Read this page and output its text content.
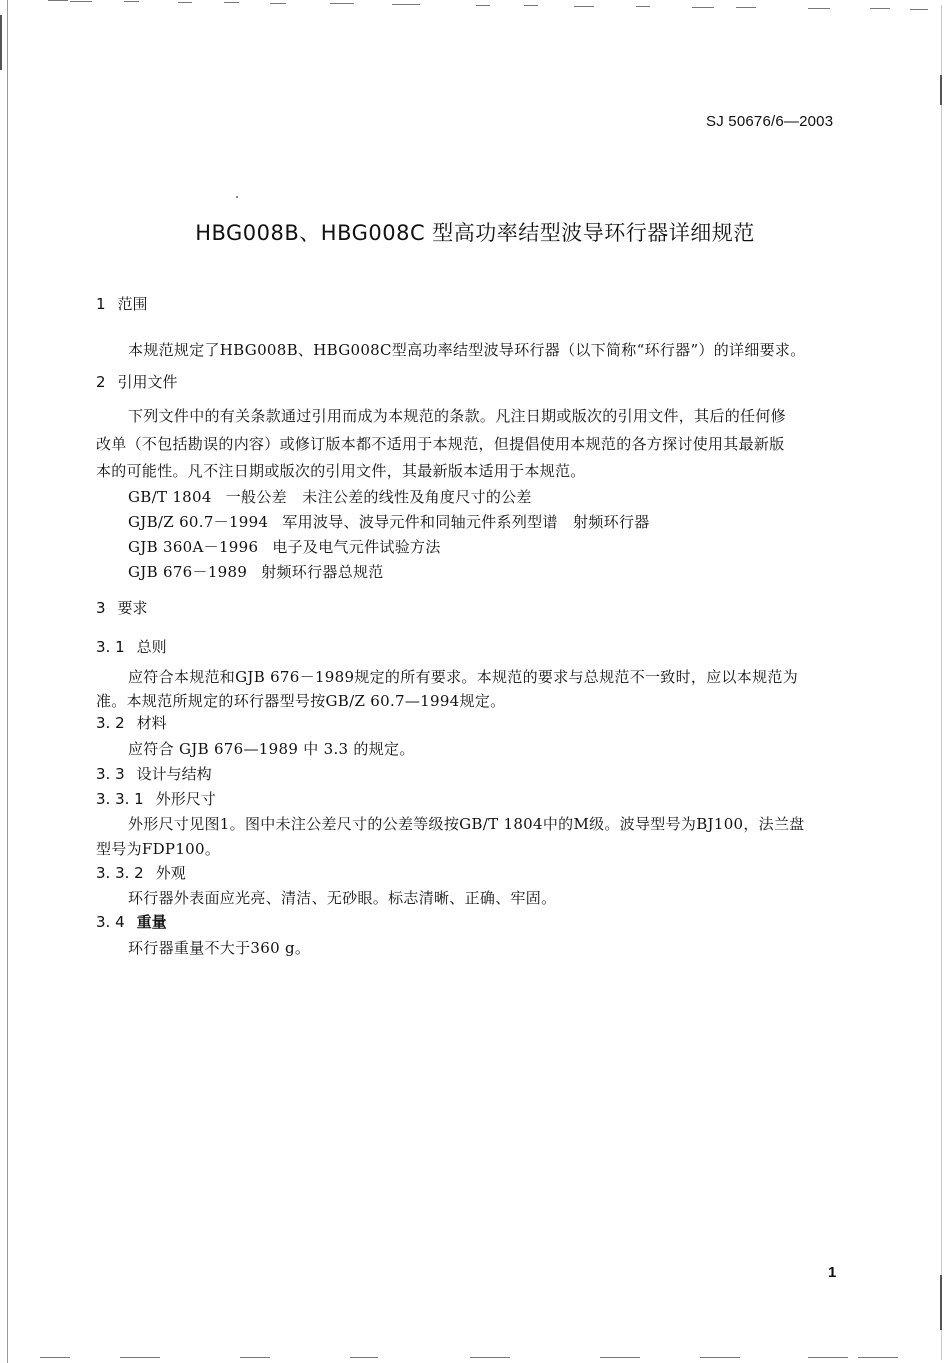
SJ 50676/6—2003
HBG008B、HBG008C 型高功率结型波导环行器详细规范
1 范围
本规范规定了HBG008B、HBG008C型高功率结型波导环行器（以下简称“环行器”）的详细要求。
2 引用文件
下列文件中的有关条款通过引用而成为本规范的条款。凡注日期或版次的引用文件，其后的任何修
改单（不包括勘误的内容）或修订版本都不适用于本规范，但提倡使用本规范的各方探讨使用其最新版
本的可能性。凡不注日期或版次的引用文件，其最新版本适用于本规范。
GB/T 1804 一般公差　未注公差的线性及角度尺寸的公差
GJB/Z 60.7－1994 军用波导、波导元件和同轴元件系列型谱　射频环行器
GJB 360A－1996 电子及电气元件试验方法
GJB 676－1989 射频环行器总规范
3 要求
3. 1 总则
应符合本规范和GJB 676－1989规定的所有要求。本规范的要求与总规范不一致时，应以本规范为
准。本规范所规定的环行器型号按GB/Z 60.7—1994规定。
3. 2 材料
应符合 GJB 676—1989 中 3.3 的规定。
3. 3 设计与结构
3. 3. 1 外形尺寸
外形尺寸见图1。图中未注公差尺寸的公差等级按GB/T 1804中的M级。波导型号为BJ100，法兰盘
型号为FDP100。
3. 3. 2 外观
环行器外表面应光亮、清洁、无砂眼。标志清晰、正确、牢固。
3. 4 重量
环行器重量不大于360 g。
1
